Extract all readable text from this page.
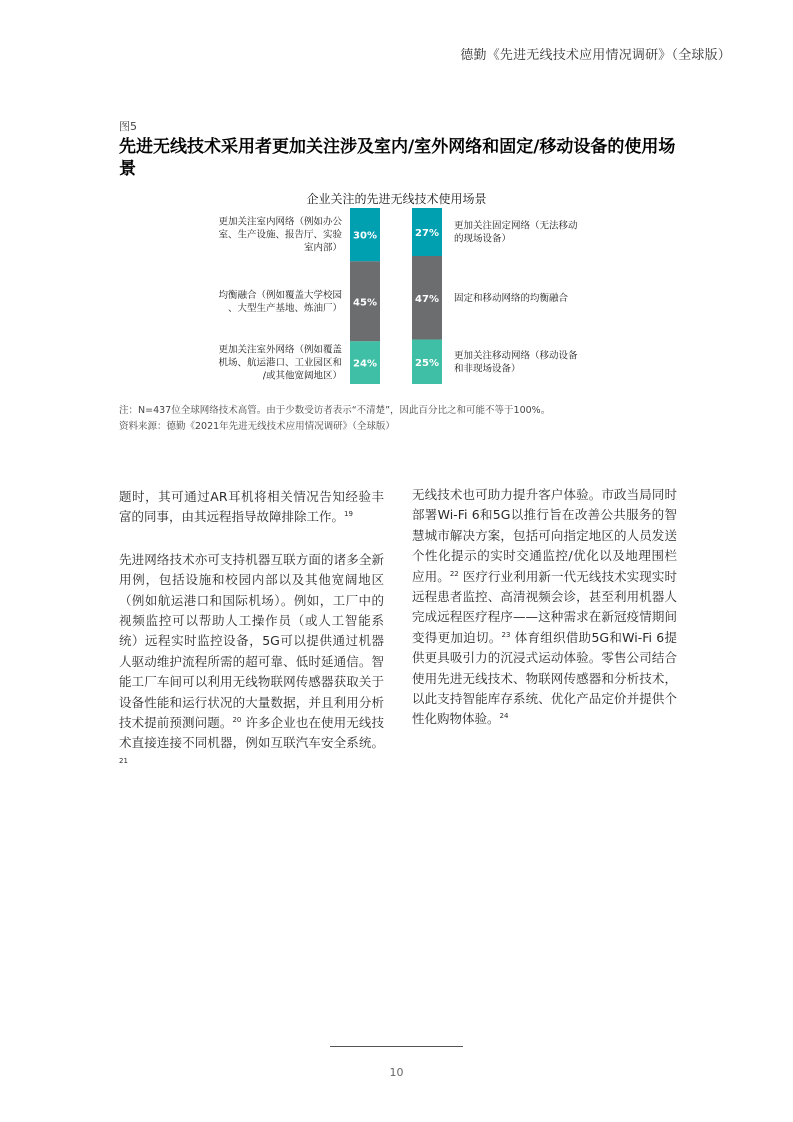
德勤《先进无线技术应用情况调研》（全球版）
图5
先进无线技术采用者更加关注涉及室内/室外网络和固定/移动设备的使用场景
企业关注的先进无线技术使用场景
30%
更加关注室内网络（例如办公室、生产设施、报告厅、实验室内部）
45%
均衡融合（例如覆盖大学校园、大型生产基地、炼油厂）
24%
更加关注室外网络（例如覆盖机场、航运港口、工业园区和/或其他宽阔地区）
27%
更加关注固定网络（无法移动的现场设备）
47% 固定和移动网络的均衡融合
25%
更加关注移动网络（移动设备和非现场设备）
注：N=437位全球网络技术高管。由于少数受访者表示“不清楚”，因此百分比之和可能不等于100%。
资料来源：德勤《2021年先进无线技术应用情况调研》（全球版）

题时，其可通过AR耳机将相关情况告知经验丰富的同事，由其远程指导故障排除工作。$^{19}$

先进网络技术亦可支持机器互联方面的诸多全新用例，包括设施和校园内部以及其他宽阔地区（例如航运港口和国际机场）。例如，工厂中的视频监控可以帮助人工操作员（或人工智能系统）远程实时监控设备，5G可以提供通过机器人驱动维护流程所需的超可靠、低时延通信。智能工厂车间可以利用无线物联网传感器获取关于设备性能和运行状况的大量数据，并且利用分析技术提前预测问题。$^{20}$ 许多企业也在使用无线技术直接连接不同机器，例如互联汽车安全系统。$^{21}$

无线技术也可助力提升客户体验。市政当局同时部署Wi-Fi 6和5G以推行旨在改善公共服务的智慧城市解决方案，包括可向指定地区的人员发送个性化提示的实时交通监控/优化以及地理围栏应用。$^{22}$ 医疗行业利用新一代无线技术实现实时远程患者监控、高清视频会诊，甚至利用机器人完成远程医疗程序——这种需求在新冠疫情期间变得更加迫切。$^{23}$ 体育组织借助5G和Wi-Fi 6提供更具吸引力的沉浸式运动体验。零售公司结合使用先进无线技术、物联网传感器和分析技术，以此支持智能库存系统、优化产品定价并提供个性化购物体验。$^{24}$

10
